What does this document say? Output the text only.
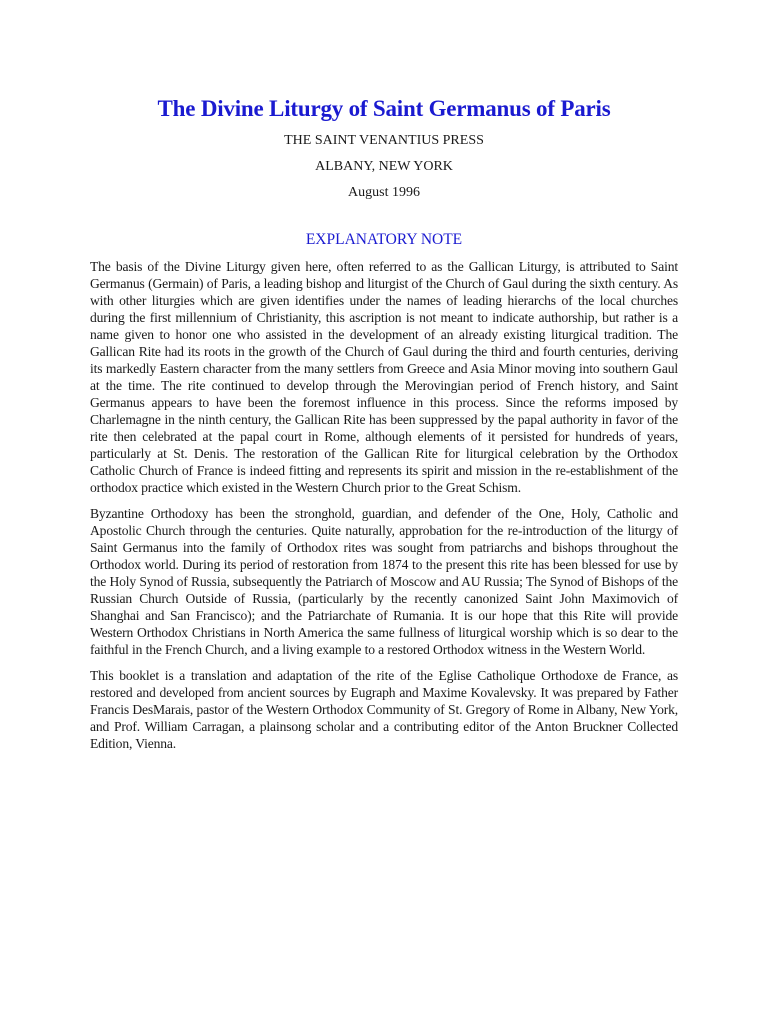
The Divine Liturgy of Saint Germanus of Paris

THE SAINT VENANTIUS PRESS

ALBANY, NEW YORK

August 1996

EXPLANATORY NOTE

The basis of the Divine Liturgy given here, often referred to as the Gallican Liturgy, is attributed to Saint Germanus (Germain) of Paris, a leading bishop and liturgist of the Church of Gaul during the sixth century. As with other liturgies which are given identifies under the names of leading hierarchs of the local churches during the first millennium of Christianity, this ascription is not meant to indicate authorship, but rather is a name given to honor one who assisted in the development of an already existing liturgical tradition. The Gallican Rite had its roots in the growth of the Church of Gaul during the third and fourth centuries, deriving its markedly Eastern character from the many settlers from Greece and Asia Minor moving into southern Gaul at the time. The rite continued to develop through the Merovingian period of French history, and Saint Germanus appears to have been the foremost influence in this process. Since the reforms imposed by Charlemagne in the ninth century, the Gallican Rite has been suppressed by the papal authority in favor of the rite then celebrated at the papal court in Rome, although elements of it persisted for hundreds of years, particularly at St. Denis. The restoration of the Gallican Rite for liturgical celebration by the Orthodox Catholic Church of France is indeed fitting and represents its spirit and mission in the re-establishment of the orthodox practice which existed in the Western Church prior to the Great Schism.

Byzantine Orthodoxy has been the stronghold, guardian, and defender of the One, Holy, Catholic and Apostolic Church through the centuries. Quite naturally, approbation for the re-introduction of the liturgy of Saint Germanus into the family of Orthodox rites was sought from patriarchs and bishops throughout the Orthodox world. During its period of restoration from 1874 to the present this rite has been blessed for use by the Holy Synod of Russia, subsequently the Patriarch of Moscow and AU Russia; The Synod of Bishops of the Russian Church Outside of Russia, (particularly by the recently canonized Saint John Maximovich of Shanghai and San Francisco); and the Patriarchate of Rumania. It is our hope that this Rite will provide Western Orthodox Christians in North America the same fullness of liturgical worship which is so dear to the faithful in the French Church, and a living example to a restored Orthodox witness in the Western World.

This booklet is a translation and adaptation of the rite of the Eglise Catholique Orthodoxe de France, as restored and developed from ancient sources by Eugraph and Maxime Kovalevsky. It was prepared by Father Francis DesMarais, pastor of the Western Orthodox Community of St. Gregory of Rome in Albany, New York, and Prof. William Carragan, a plainsong scholar and a contributing editor of the Anton Bruckner Collected Edition, Vienna.
